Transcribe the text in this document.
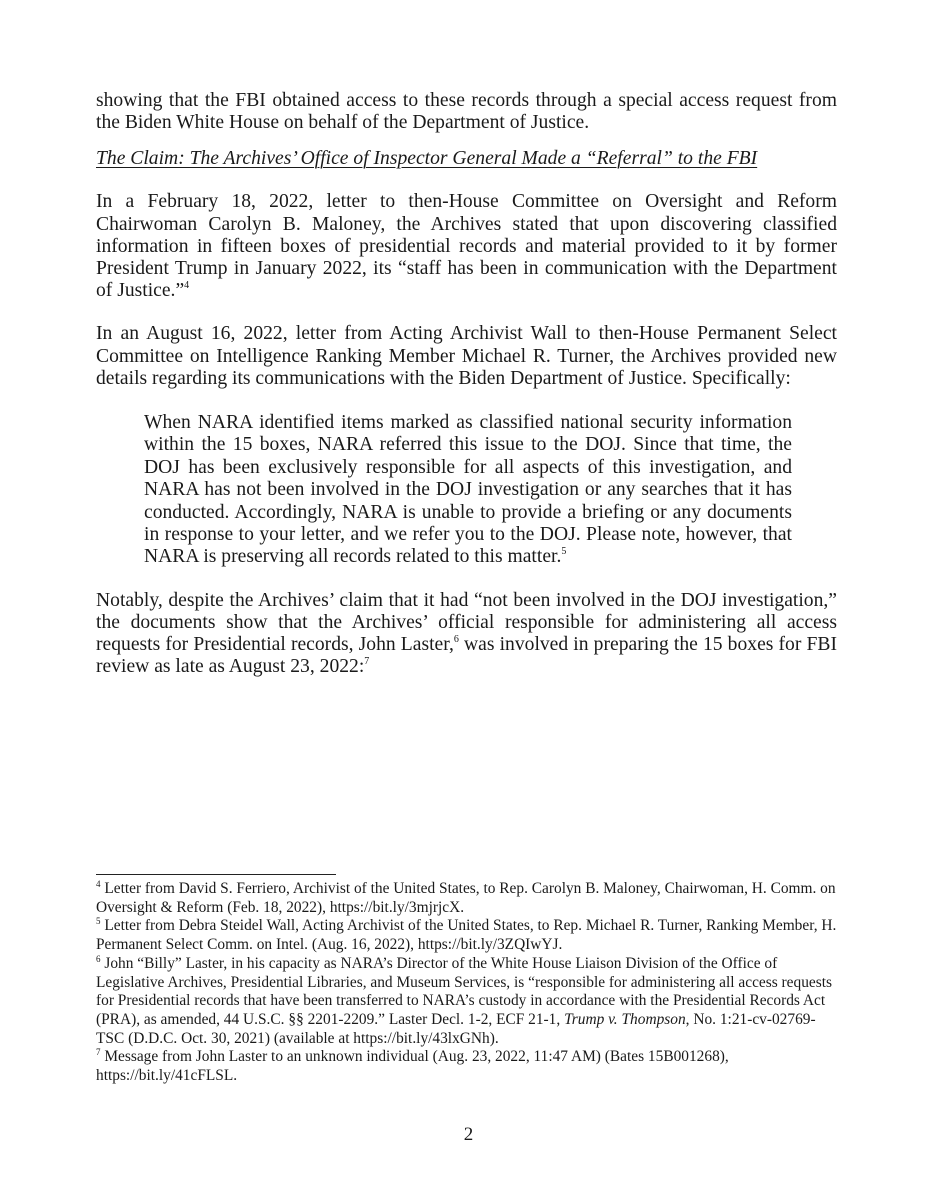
showing that the FBI obtained access to these records through a special access request from the Biden White House on behalf of the Department of Justice.

The Claim: The Archives’ Office of Inspector General Made a “Referral” to the FBI

In a February 18, 2022, letter to then-House Committee on Oversight and Reform Chairwoman Carolyn B. Maloney, the Archives stated that upon discovering classified information in fifteen boxes of presidential records and material provided to it by former President Trump in January 2022, its “staff has been in communication with the Department of Justice.”$^4$

In an August 16, 2022, letter from Acting Archivist Wall to then-House Permanent Select Committee on Intelligence Ranking Member Michael R. Turner, the Archives provided new details regarding its communications with the Biden Department of Justice. Specifically:

When NARA identified items marked as classified national security information within the 15 boxes, NARA referred this issue to the DOJ. Since that time, the DOJ has been exclusively responsible for all aspects of this investigation, and NARA has not been involved in the DOJ investigation or any searches that it has conducted. Accordingly, NARA is unable to provide a briefing or any documents in response to your letter, and we refer you to the DOJ. Please note, however, that NARA is preserving all records related to this matter.$^5$

Notably, despite the Archives’ claim that it had “not been involved in the DOJ investigation,” the documents show that the Archives’ official responsible for administering all access requests for Presidential records, John Laster,$^6$ was involved in preparing the 15 boxes for FBI review as late as August 23, 2022:$^7$

$^4$ Letter from David S. Ferriero, Archivist of the United States, to Rep. Carolyn B. Maloney, Chairwoman, H. Comm. on Oversight & Reform (Feb. 18, 2022), https://bit.ly/3mjrjcX.

$^5$ Letter from Debra Steidel Wall, Acting Archivist of the United States, to Rep. Michael R. Turner, Ranking Member, H. Permanent Select Comm. on Intel. (Aug. 16, 2022), https://bit.ly/3ZQIwYJ.

$^6$ John “Billy” Laster, in his capacity as NARA’s Director of the White House Liaison Division of the Office of Legislative Archives, Presidential Libraries, and Museum Services, is “responsible for administering all access requests for Presidential records that have been transferred to NARA’s custody in accordance with the Presidential Records Act (PRA), as amended, 44 U.S.C. §§ 2201-2209.” Laster Decl. 1-2, ECF 21-1, Trump v. Thompson, No. 1:21-cv-02769-TSC (D.D.C. Oct. 30, 2021) (available at https://bit.ly/43lxGNh).

$^7$ Message from John Laster to an unknown individual (Aug. 23, 2022, 11:47 AM) (Bates 15B001268), https://bit.ly/41cFLSL.

2
